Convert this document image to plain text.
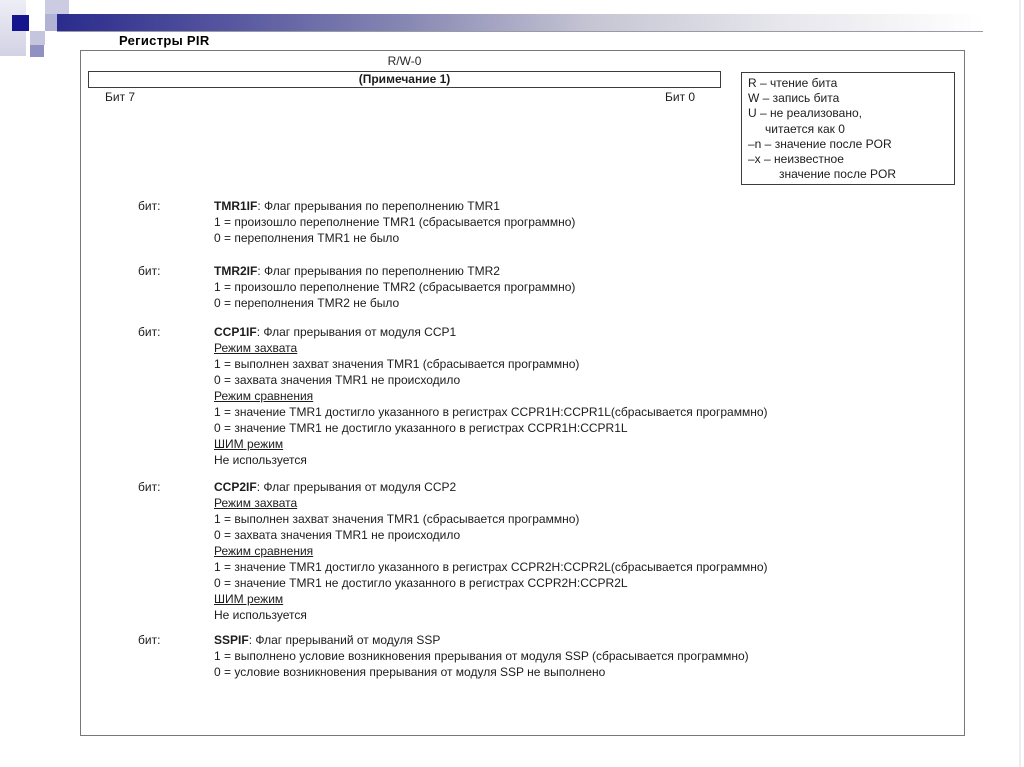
Регистры PIR
R/W-0
(Примечание 1)
Бит 7	Бит 0
R – чтение бита
W – запись бита
U – не реализовано,
читается как 0
–n – значение после POR
–x – неизвестное
значение после POR
бит:	TMR1IF: Флаг прерывания по переполнению TMR1
1 = произошло переполнение TMR1 (сбрасывается программно)
0 = переполнения TMR1 не было
бит:	TMR2IF: Флаг прерывания по переполнению TMR2
1 = произошло переполнение TMR2 (сбрасывается программно)
0 = переполнения TMR2 не было
бит:	CCP1IF: Флаг прерывания от модуля CCP1
Режим захвата
1 = выполнен захват значения TMR1 (сбрасывается программно)
0 = захвата значения TMR1 не происходило
Режим сравнения
1 = значение TMR1 достигло указанного в регистрах CCPR1H:CCPR1L(сбрасывается программно)
0 = значение TMR1 не достигло указанного в регистрах CCPR1H:CCPR1L
ШИМ режим
Не используется
бит:	CCP2IF: Флаг прерывания от модуля CCP2
Режим захвата
1 = выполнен захват значения TMR1 (сбрасывается программно)
0 = захвата значения TMR1 не происходило
Режим сравнения
1 = значение TMR1 достигло указанного в регистрах CCPR2H:CCPR2L(сбрасывается программно)
0 = значение TMR1 не достигло указанного в регистрах CCPR2H:CCPR2L
ШИМ режим
Не используется
бит:	SSPIF: Флаг прерываний от модуля SSP
1 = выполнено условие возникновения прерывания от модуля SSP (сбрасывается программно)
0 = условие возникновения прерывания от модуля SSP не выполнено
